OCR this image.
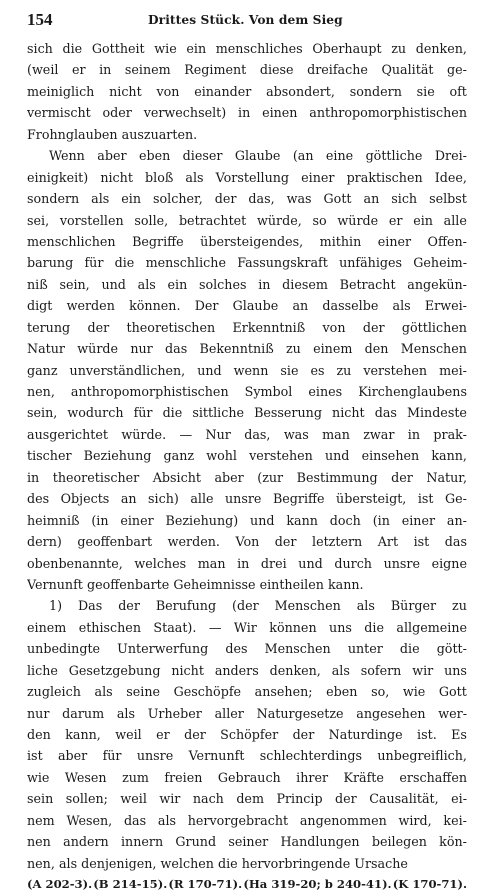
154	Drittes Stück. Von dem Sieg
sich die Gottheit wie ein menschliches Oberhaupt zu denken,
(weil er in seinem Regiment diese dreifache Qualität ge-
meiniglich nicht von einander absondert, sondern sie oft
vermischt oder verwechselt) in einen anthropomorphistischen
Frohnglauben auszuarten.
Wenn aber eben dieser Glaube (an eine göttliche Drei-
einigkeit) nicht bloß als Vorstellung einer praktischen Idee,
sondern als ein solcher, der das, was Gott an sich selbst
sei, vorstellen solle, betrachtet würde, so würde er ein alle
menschlichen Begriffe übersteigendes, mithin einer Offen-
barung für die menschliche Fassungskraft unfähiges Geheim-
niß sein, und als ein solches in diesem Betracht angekün-
digt werden können. Der Glaube an dasselbe als Erwei-
terung der theoretischen Erkenntniß von der göttlichen
Natur würde nur das Bekenntniß zu einem den Menschen
ganz unverständlichen, und wenn sie es zu verstehen mei-
nen, anthropomorphistischen Symbol eines Kirchenglaubens
sein, wodurch für die sittliche Besserung nicht das Mindeste
ausgerichtet würde. — Nur das, was man zwar in prak-
tischer Beziehung ganz wohl verstehen und einsehen kann,
in theoretischer Absicht aber (zur Bestimmung der Natur,
des Objects an sich) alle unsre Begriffe übersteigt, ist Ge-
heimniß (in einer Beziehung) und kann doch (in einer an-
dern) geoffenbart werden. Von der letztern Art ist das
obenbenannte, welches man in drei und durch unsre eigne
Vernunft geoffenbarte Geheimnisse eintheilen kann.
1) Das der Berufung (der Menschen als Bürger zu
einem ethischen Staat). — Wir können uns die allgemeine
unbedingte Unterwerfung des Menschen unter die gött-
liche Gesetzgebung nicht anders denken, als sofern wir uns
zugleich als seine Geschöpfe ansehen; eben so, wie Gott
nur darum als Urheber aller Naturgesetze angesehen wer-
den kann, weil er der Schöpfer der Naturdinge ist. Es
ist aber für unsre Vernunft schlechterdings unbegreiflich,
wie Wesen zum freien Gebrauch ihrer Kräfte erschaffen
sein sollen; weil wir nach dem Princip der Causalität, ei-
nem Wesen, das als hervorgebracht angenommen wird, kei-
nen andern innern Grund seiner Handlungen beilegen kön-
nen, als denjenigen, welchen die hervorbringende Ursache
(A 202-3). (B 214-15). (R 170-71). (Ha 319-20; b 240-41). (K 170-71).
